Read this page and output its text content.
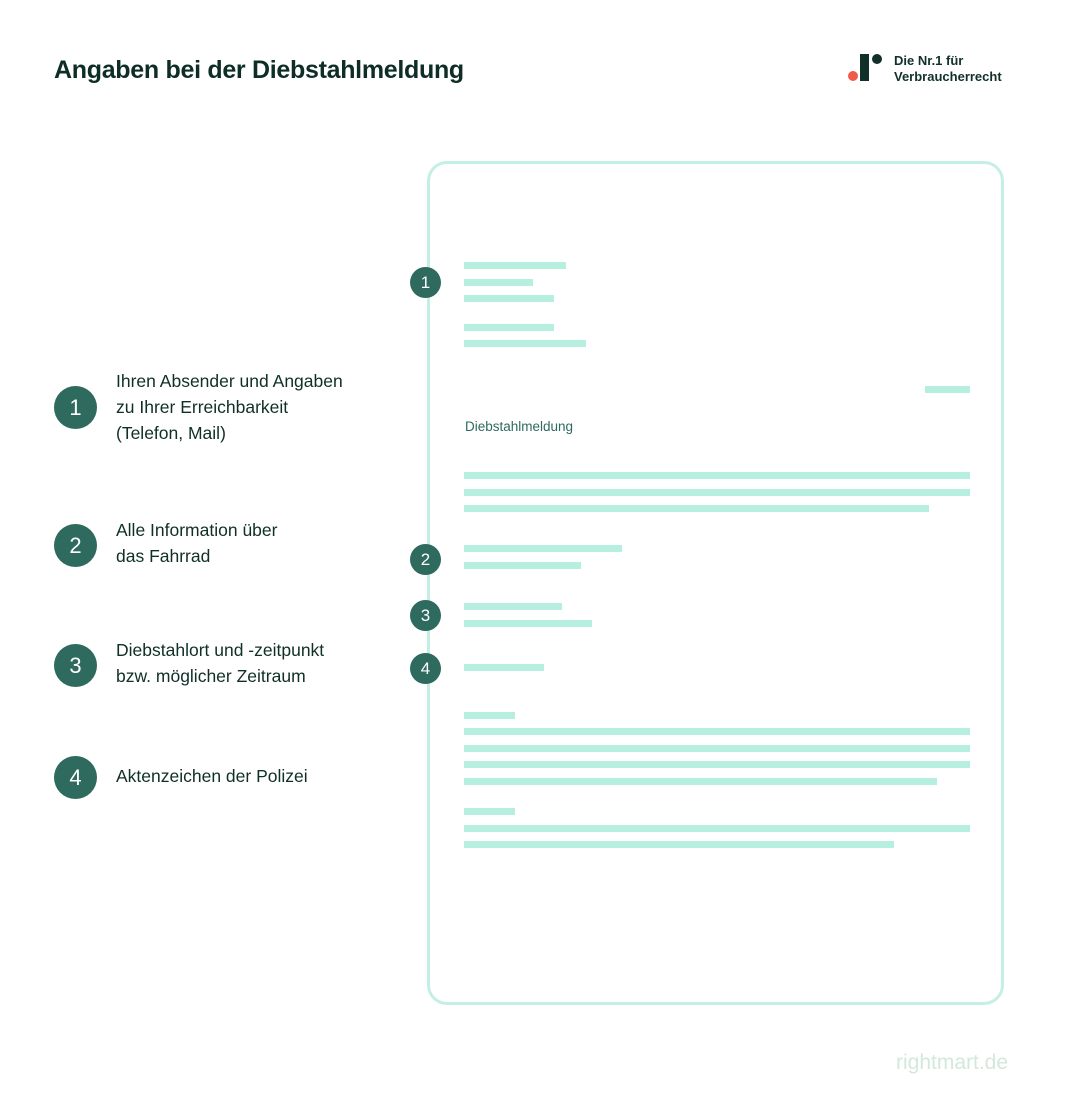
Angaben bei der Diebstahlmeldung	Die Nr.1 für
Verbraucherrecht
1
Ihren Absender und Angaben
zu Ihrer Erreichbarkeit
(Telefon, Mail)
2
Alle Information über
das Fahrrad
3
Diebstahlort und -zeitpunkt
bzw. möglicher Zeitraum
4	Aktenzeichen der Polizei
Diebstahlmeldung
1
2
3
4
rightmart.de
